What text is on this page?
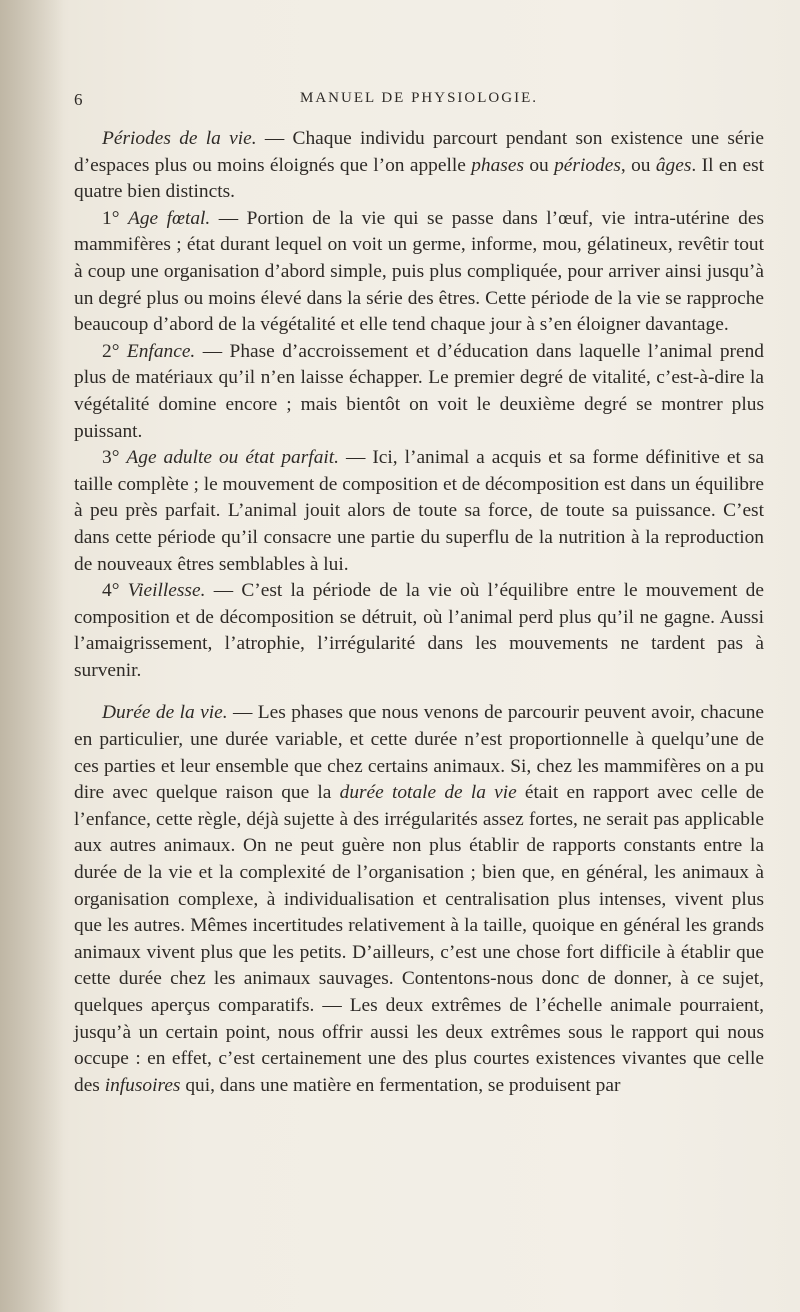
6	MANUEL DE PHYSIOLOGIE.

Périodes de la vie. — Chaque individu parcourt pendant son existence une série d’espaces plus ou moins éloignés que l’on appelle phases ou périodes, ou âges. Il en est quatre bien distincts.

1° Age fœtal. — Portion de la vie qui se passe dans l’œuf, vie intra-utérine des mammifères ; état durant lequel on voit un germe, informe, mou, gélatineux, revêtir tout à coup une organisation d’abord simple, puis plus compliquée, pour arriver ainsi jusqu’à un degré plus ou moins élevé dans la série des êtres. Cette période de la vie se rapproche beaucoup d’abord de la végétalité et elle tend chaque jour à s’en éloigner davantage.

2° Enfance. — Phase d’accroissement et d’éducation dans laquelle l’animal prend plus de matériaux qu’il n’en laisse échapper. Le premier degré de vitalité, c’est-à-dire la végétalité domine encore ; mais bientôt on voit le deuxième degré se montrer plus puissant.

3° Age adulte ou état parfait. — Ici, l’animal a acquis et sa forme définitive et sa taille complète ; le mouvement de composition et de décomposition est dans un équilibre à peu près parfait. L’animal jouit alors de toute sa force, de toute sa puissance. C’est dans cette période qu’il consacre une partie du superflu de la nutrition à la reproduction de nouveaux êtres semblables à lui.

4° Vieillesse. — C’est la période de la vie où l’équilibre entre le mouvement de composition et de décomposition se détruit, où l’animal perd plus qu’il ne gagne. Aussi l’amaigrissement, l’atrophie, l’irrégularité dans les mouvements ne tardent pas à survenir.

Durée de la vie. — Les phases que nous venons de parcourir peuvent avoir, chacune en particulier, une durée variable, et cette durée n’est proportionnelle à quelqu’une de ces parties et leur ensemble que chez certains animaux. Si, chez les mammifères on a pu dire avec quelque raison que la durée totale de la vie était en rapport avec celle de l’enfance, cette règle, déjà sujette à des irrégularités assez fortes, ne serait pas applicable aux autres animaux. On ne peut guère non plus établir de rapports constants entre la durée de la vie et la complexité de l’organisation ; bien que, en général, les animaux à organisation complexe, à individualisation et centralisation plus intenses, vivent plus que les autres. Mêmes incertitudes relativement à la taille, quoique en général les grands animaux vivent plus que les petits. D’ailleurs, c’est une chose fort difficile à établir que cette durée chez les animaux sauvages. Contentons-nous donc de donner, à ce sujet, quelques aperçus comparatifs. — Les deux extrêmes de l’échelle animale pourraient, jusqu’à un certain point, nous offrir aussi les deux extrêmes sous le rapport qui nous occupe : en effet, c’est certainement une des plus courtes existences vivantes que celle des infusoires qui, dans une matière en fermentation, se produisent par
